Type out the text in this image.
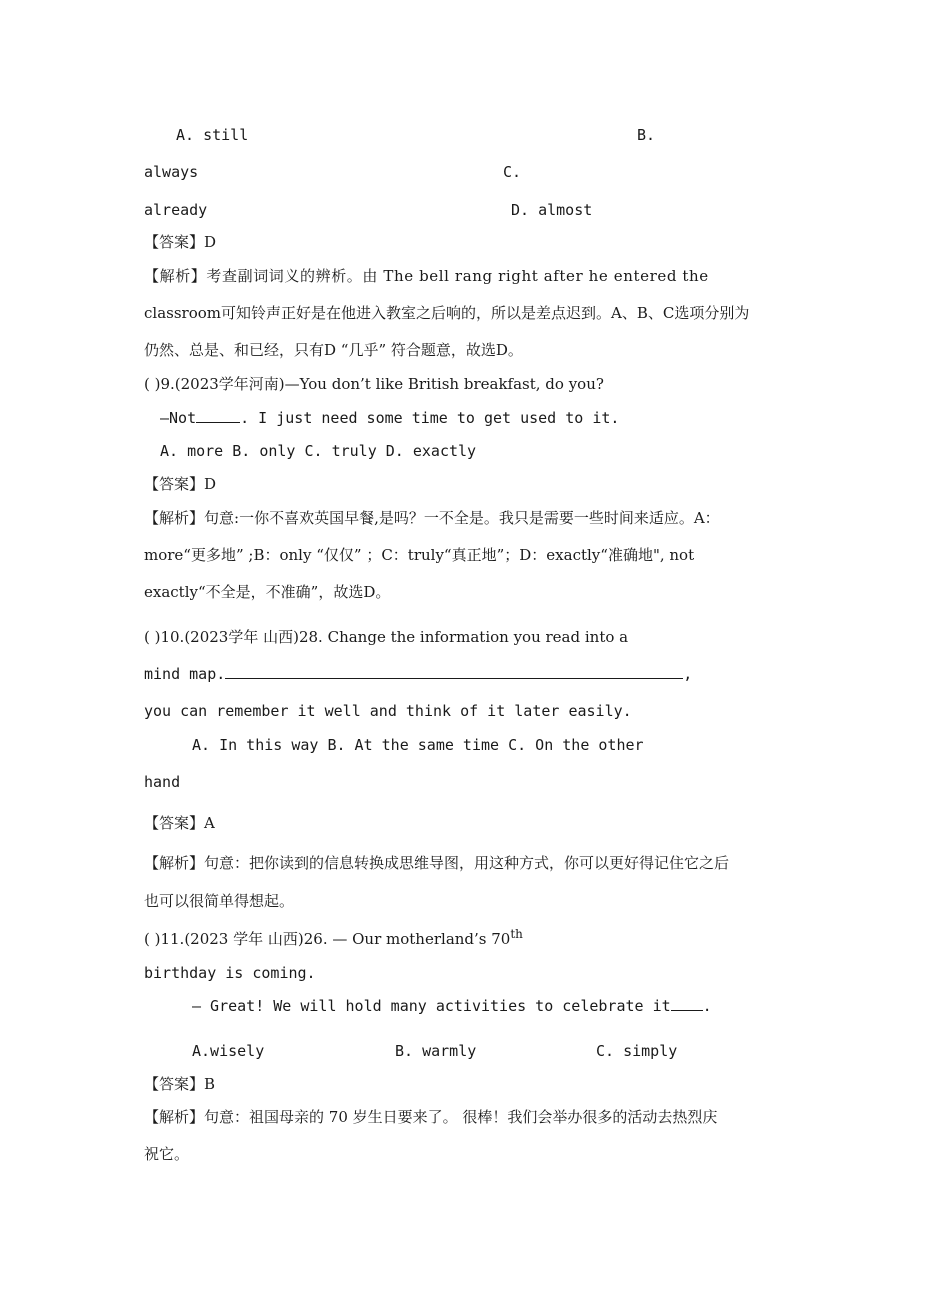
A. still	B.
always	C.
already	D. almost
【答案】D
【解析】考查副词词义的辨析。由 The bell rang right after he entered the
classroom可知铃声正好是在他进入教室之后响的，所以是差点迟到。A、B、C选项分别为
仍然、总是、和已经，只有D “几乎” 符合题意，故选D。
( )9.(2023学年河南)—You don’t like British breakfast, do you?
—Not	. I just need some time to get used to it.
A. more B. only C. truly D. exactly
【答案】D
【解析】句意:一你不喜欢英国早餐,是吗？一不全是。我只是需要一些时间来适应。A：
more“更多地” ;B：only “仅仅” ；C：truly“真正地”；D：exactly“准确地", not
exactly“不全是，不准确”，故选D。
( )10.(2023学年 山西)28. Change the information you read into a
mind map.	,
you can remember it well and think of it later easily.
A. In this way B. At the same time C. On the other
hand
【答案】A
【解析】句意：把你读到的信息转换成思维导图，用这种方式，你可以更好得记住它之后
也可以很简单得想起。
( )11.(2023 学年 山西)26. — Our motherland’s 70th
birthday is coming.
— Great! We will hold many activities to celebrate it .
A.wisely	B. warmly	C. simply
【答案】B
【解析】句意：祖国母亲的 70 岁生日要来了。 很棒！我们会举办很多的活动去热烈庆
祝它。
